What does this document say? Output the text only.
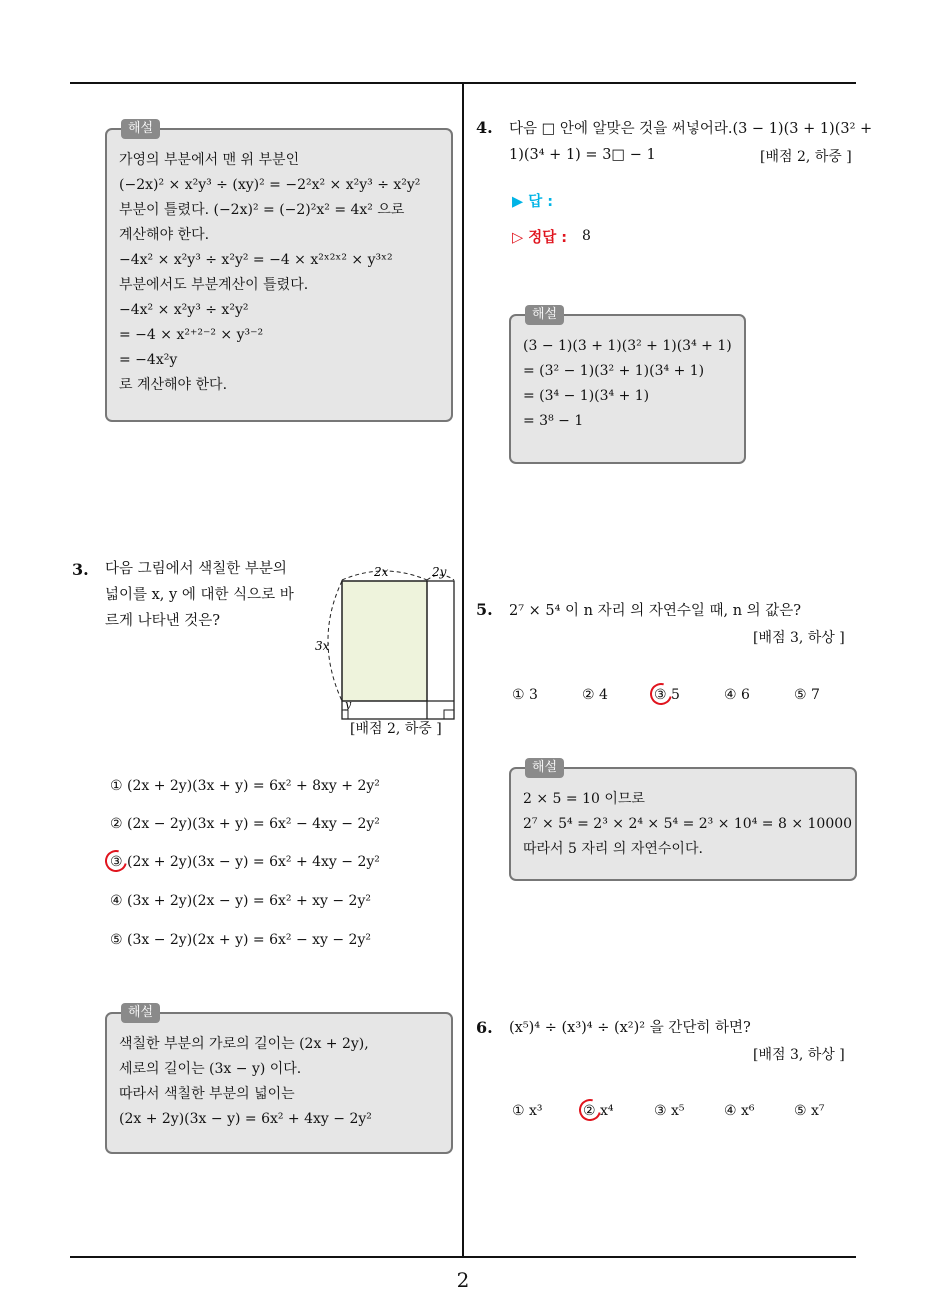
해설
가영의 부분에서 맨 위 부분인
(−2x)² × x²y³ ÷ (xy)² = −2²x² × x²y³ ÷ x²y²
부분이 틀렸다. (−2x)² = (−2)²x² = 4x² 으로
계산해야 한다.
−4x² × x²y³ ÷ x²y² = −4 × x²ˣ²ˣ² × y³ˣ²
부분에서도 부분계산이 틀렸다.
−4x² × x²y³ ÷ x²y²
= −4 × x²⁺²⁻² × y³⁻²
= −4x²y
로 계산해야 한다.
3. 다음 그림에서 색칠한 부분의 넓이를 x, y 에 대한 식으로 바르게 나타낸 것은?
2x	2y
3x
y
[배점 2, 하중 ]
① (2x + 2y)(3x + y) = 6x² + 8xy + 2y²
② (2x − 2y)(3x + y) = 6x² − 4xy − 2y²
③ (2x + 2y)(3x − y) = 6x² + 4xy − 2y²
④ (3x + 2y)(2x − y) = 6x² + xy − 2y²
⑤ (3x − 2y)(2x + y) = 6x² − xy − 2y²
해설
색칠한 부분의 가로의 길이는 (2x + 2y),
세로의 길이는 (3x − y) 이다.
따라서 색칠한 부분의 넓이는
(2x + 2y)(3x − y) = 6x² + 4xy − 2y²
4. 다음 □ 안에 알맞은 것을 써넣어라.(3 − 1)(3 + 1)(3² +
1)(3⁴ + 1) = 3□ − 1	[배점 2, 하중 ]
▶ 답 :
▷ 정답 : 8
해설
(3 − 1)(3 + 1)(3² + 1)(3⁴ + 1)
= (3² − 1)(3² + 1)(3⁴ + 1)
= (3⁴ − 1)(3⁴ + 1)
= 3⁸ − 1
5. 2⁷ × 5⁴ 이 n 자리 의 자연수일 때, n 의 값은?
[배점 3, 하상 ]
① 3	② 4	③ 5	④ 6	⑤ 7
해설
2 × 5 = 10 이므로
2⁷ × 5⁴ = 2³ × 2⁴ × 5⁴ = 2³ × 10⁴ = 8 × 10000
따라서 5 자리 의 자연수이다.
6. (x⁵)⁴ ÷ (x³)⁴ ÷ (x²)² 을 간단히 하면?
[배점 3, 하상 ]
① x³	② x⁴	③ x⁵	④ x⁶	⑤ x⁷
2
